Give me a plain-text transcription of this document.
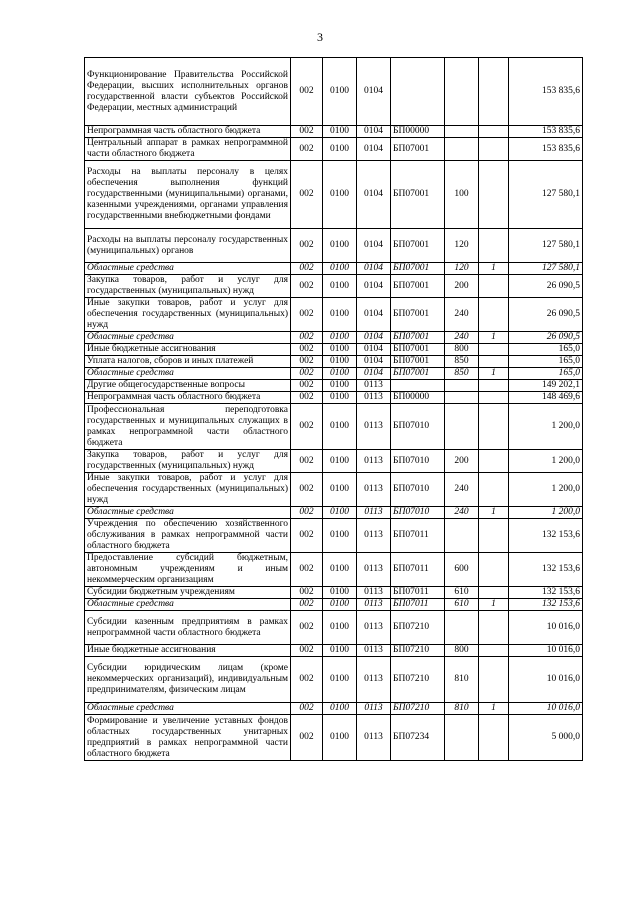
3
Функционирование Правительства Российской Федерации, высших исполнительных органов государственной власти субъектов Российской Федерации, местных администраций	002	0100	0104				153 835,6
Непрограммная часть областного бюджета	002	0100	0104	БП00000			153 835,6
Центральный аппарат в рамках непрограммной части областного бюджета	002	0100	0104	БП07001			153 835,6
Расходы на выплаты персоналу в целях обеспечения выполнения функций государственными (муниципальными) органами, казенными учреждениями, органами управления государственными внебюджетными фондами	002	0100	0104	БП07001	100		127 580,1
Расходы на выплаты персоналу государственных (муниципальных) органов	002	0100	0104	БП07001	120		127 580,1
Областные средства	002	0100	0104	БП07001	120	1	127 580,1
Закупка товаров, работ и услуг для государственных (муниципальных) нужд	002	0100	0104	БП07001	200		26 090,5
Иные закупки товаров, работ и услуг для обеспечения государственных (муниципальных) нужд	002	0100	0104	БП07001	240		26 090,5
Областные средства	002	0100	0104	БП07001	240	1	26 090,5
Иные бюджетные ассигнования	002	0100	0104	БП07001	800		165,0
Уплата налогов, сборов и иных платежей	002	0100	0104	БП07001	850		165,0
Областные средства	002	0100	0104	БП07001	850	1	165,0
Другие общегосударственные вопросы	002	0100	0113				149 202,1
Непрограммная часть областного бюджета	002	0100	0113	БП00000			148 469,6
Профессиональная переподготовка государственных и муниципальных служащих в рамках непрограммной части областного бюджета	002	0100	0113	БП07010			1 200,0
Закупка товаров, работ и услуг для государственных (муниципальных) нужд	002	0100	0113	БП07010	200		1 200,0
Иные закупки товаров, работ и услуг для обеспечения государственных (муниципальных) нужд	002	0100	0113	БП07010	240		1 200,0
Областные средства	002	0100	0113	БП07010	240	1	1 200,0
Учреждения по обеспечению хозяйственного обслуживания в рамках непрограммной части областного бюджета	002	0100	0113	БП07011			132 153,6
Предоставление субсидий бюджетным, автономным учреждениям и иным некоммерческим организациям	002	0100	0113	БП07011	600		132 153,6
Субсидии бюджетным учреждениям	002	0100	0113	БП07011	610		132 153,6
Областные средства	002	0100	0113	БП07011	610	1	132 153,6
Субсидии казенным предприятиям в рамках непрограммной части областного бюджета	002	0100	0113	БП07210			10 016,0
Иные бюджетные ассигнования	002	0100	0113	БП07210	800		10 016,0
Субсидии юридическим лицам (кроме некоммерческих организаций), индивидуальным предпринимателям, физическим лицам	002	0100	0113	БП07210	810		10 016,0
Областные средства	002	0100	0113	БП07210	810	1	10 016,0
Формирование и увеличение уставных фондов областных государственных унитарных предприятий в рамках непрограммной части областного бюджета	002	0100	0113	БП07234			5 000,0
